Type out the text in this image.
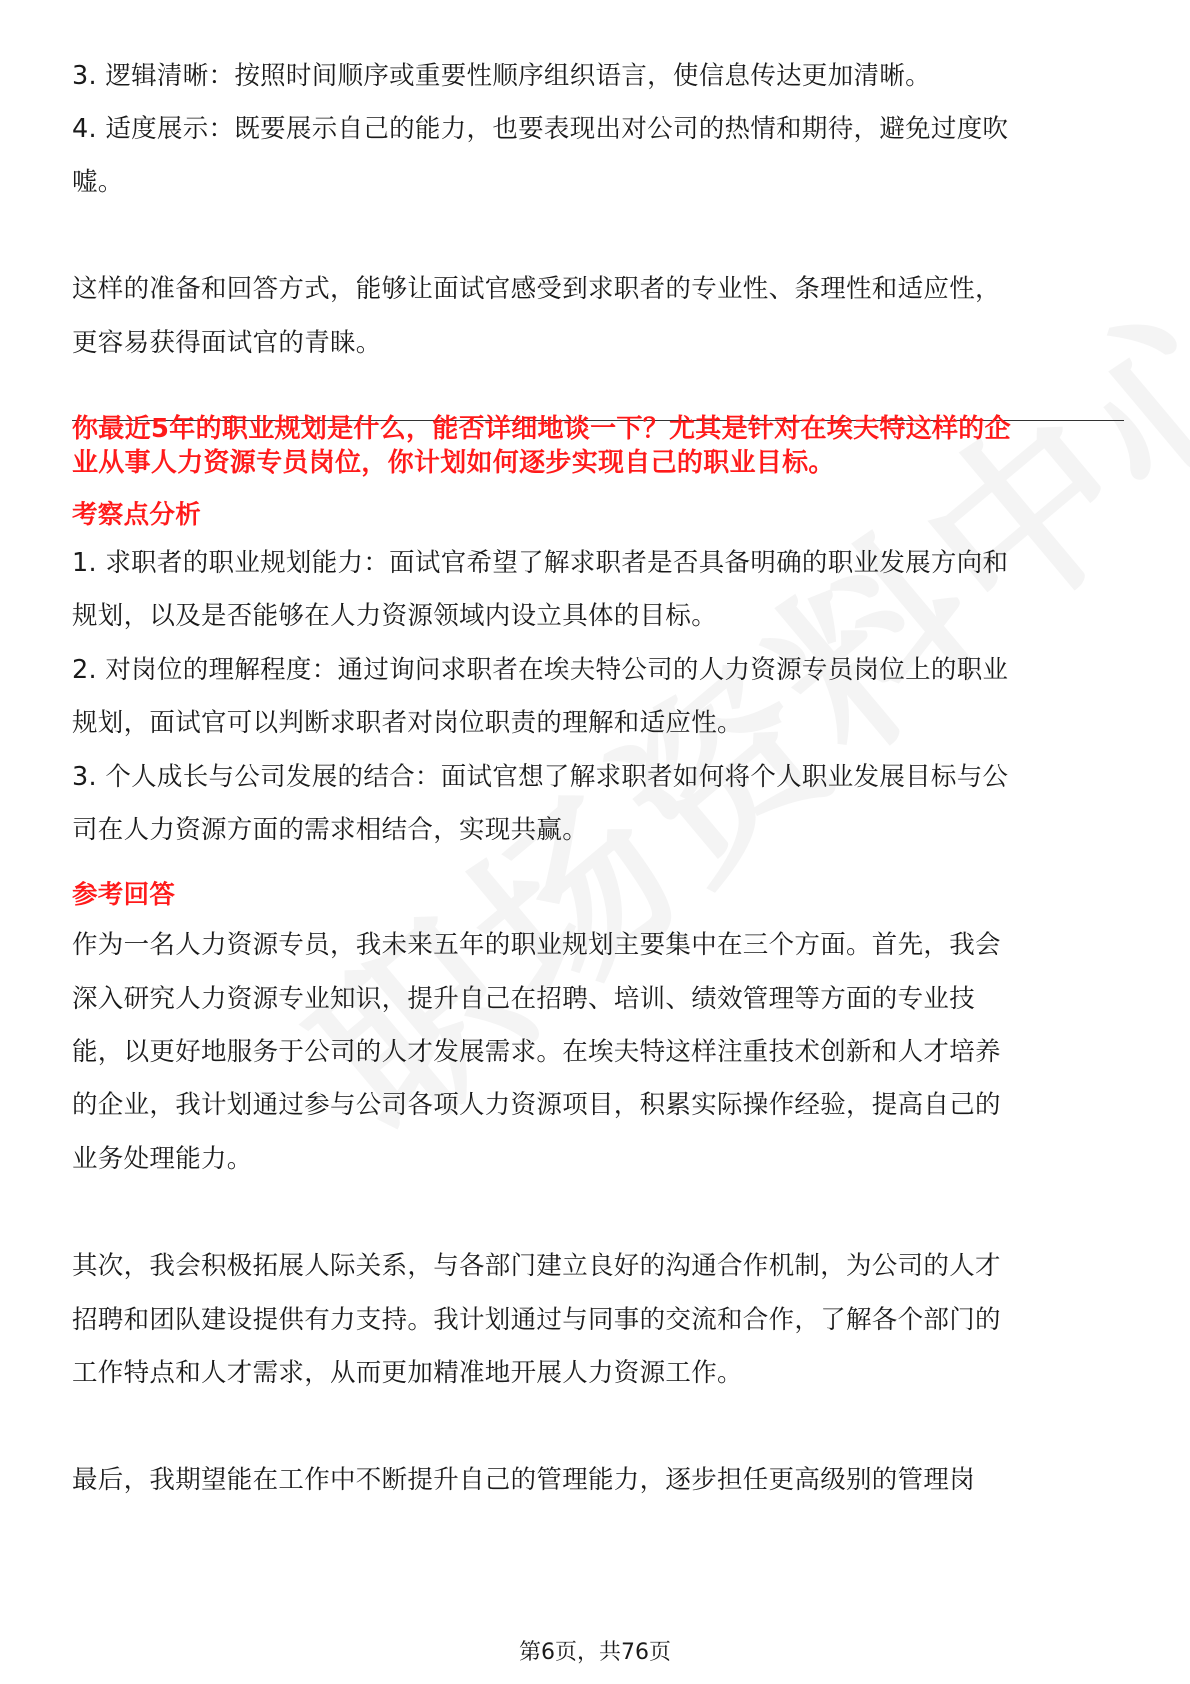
3. 逻辑清晰：按照时间顺序或重要性顺序组织语言，使信息传达更加清晰。
4. 适度展示：既要展示自己的能力，也要表现出对公司的热情和期待，避免过度吹
嘘。
这样的准备和回答方式，能够让面试官感受到求职者的专业性、条理性和适应性，
更容易获得面试官的青睐。
你最近5年的职业规划是什么，能否详细地谈一下？尤其是针对在埃夫特这样的企
业从事人力资源专员岗位，你计划如何逐步实现自己的职业目标。
考察点分析
1. 求职者的职业规划能力：面试官希望了解求职者是否具备明确的职业发展方向和
规划，以及是否能够在人力资源领域内设立具体的目标。
2. 对岗位的理解程度：通过询问求职者在埃夫特公司的人力资源专员岗位上的职业
规划，面试官可以判断求职者对岗位职责的理解和适应性。
3. 个人成长与公司发展的结合：面试官想了解求职者如何将个人职业发展目标与公
司在人力资源方面的需求相结合，实现共赢。
参考回答
作为一名人力资源专员，我未来五年的职业规划主要集中在三个方面。首先，我会
深入研究人力资源专业知识，提升自己在招聘、培训、绩效管理等方面的专业技
能，以更好地服务于公司的人才发展需求。在埃夫特这样注重技术创新和人才培养
的企业，我计划通过参与公司各项人力资源项目，积累实际操作经验，提高自己的
业务处理能力。
其次，我会积极拓展人际关系，与各部门建立良好的沟通合作机制，为公司的人才
招聘和团队建设提供有力支持。我计划通过与同事的交流和合作，了解各个部门的
工作特点和人才需求，从而更加精准地开展人力资源工作。
最后，我期望能在工作中不断提升自己的管理能力，逐步担任更高级别的管理岗
第6页，共76页
